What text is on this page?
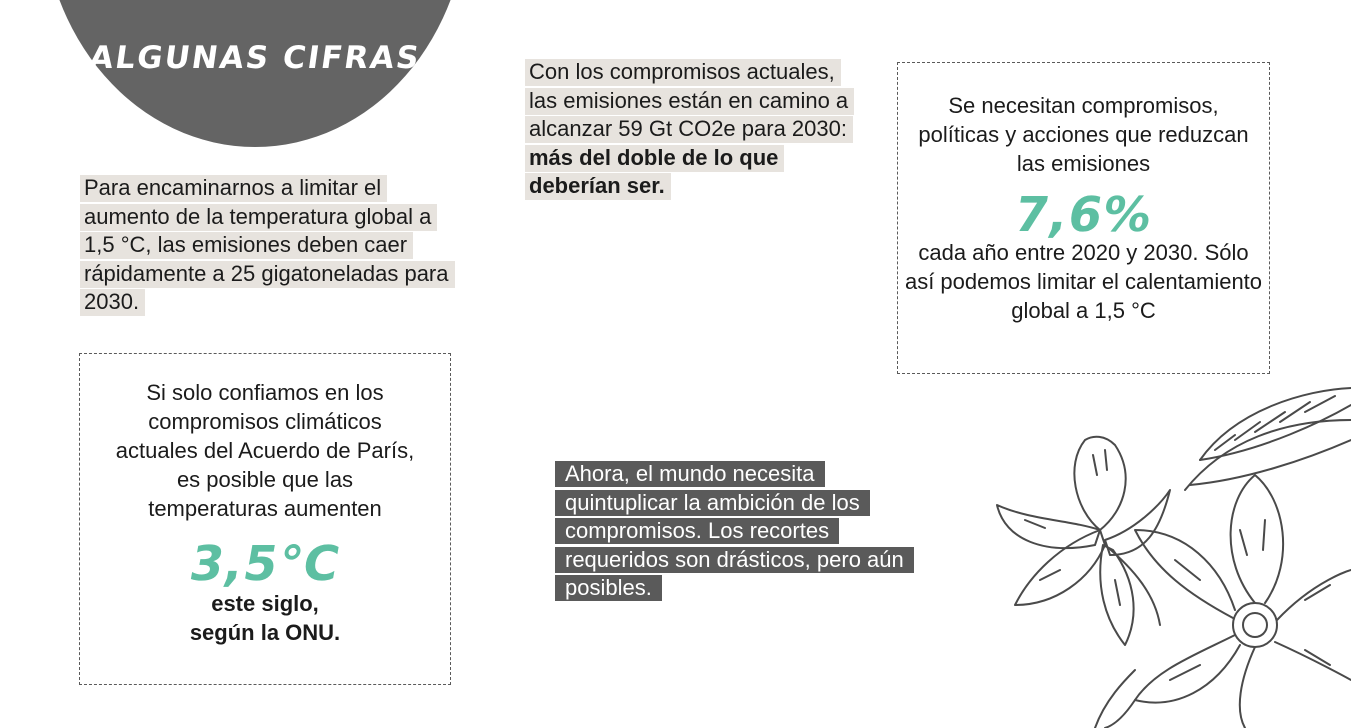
ALGUNAS CIFRAS

Para encaminarnos a limitar el aumento de la temperatura global a 1,5 °C, las emisiones deben caer rápidamente a 25 gigatoneladas para 2030.

Con los compromisos actuales, las emisiones están en camino a alcanzar 59 Gt CO2e para 2030: más del doble de lo que deberían ser.

Si solo confiamos en los compromisos climáticos actuales del Acuerdo de París, es posible que las temperaturas aumenten

3,5°C

este siglo,

según la ONU.

Se necesitan compromisos, políticas y acciones que reduzcan las emisiones

7,6%

cada año entre 2020 y 2030. Sólo así podemos limitar el calentamiento global a 1,5 °C

Ahora, el mundo necesita quintuplicar la ambición de los compromisos. Los recortes requeridos son drásticos, pero aún posibles.
